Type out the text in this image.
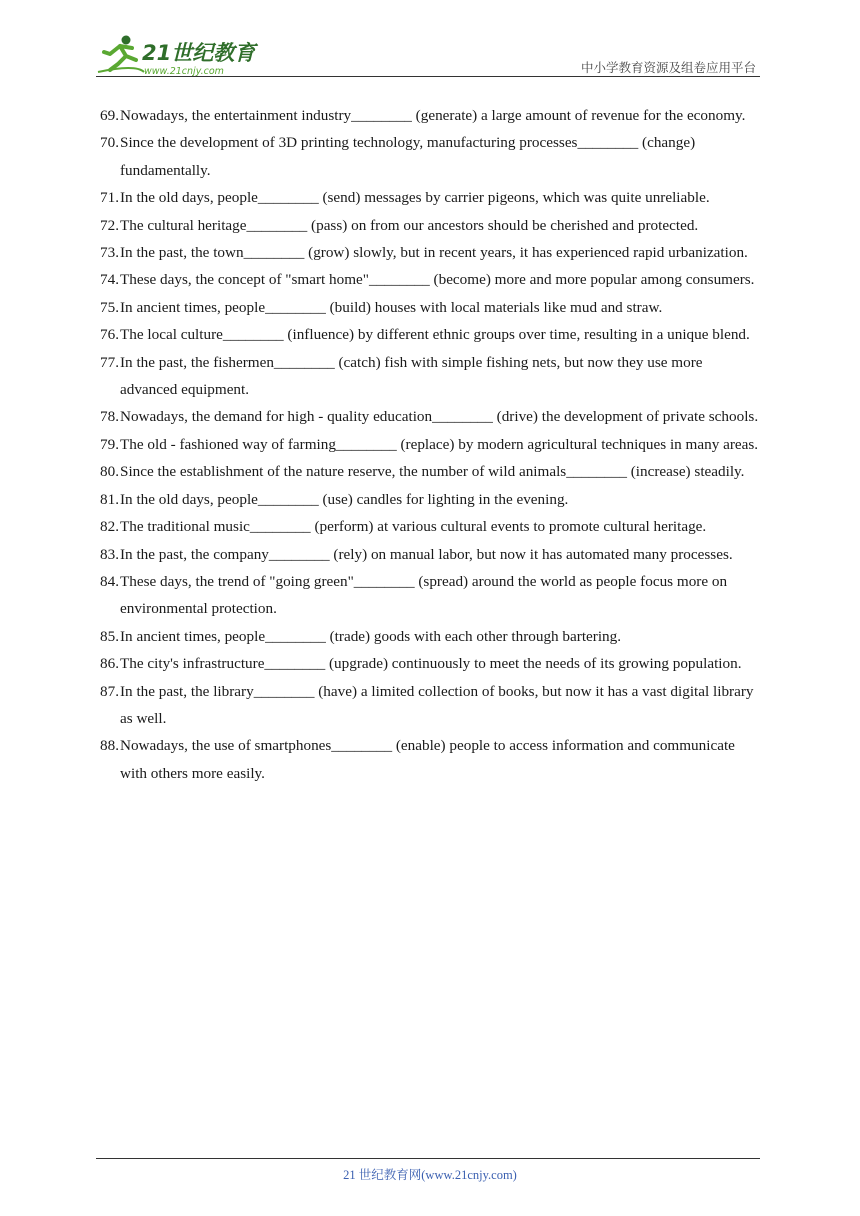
21世纪教育
www.21cnjy.com	中小学教育资源及组卷应用平台
69. Nowadays, the entertainment industry________ (generate) a large amount of revenue for the economy.
70. Since the development of 3D printing technology, manufacturing processes________ (change) fundamentally.
71. In the old days, people________ (send) messages by carrier pigeons, which was quite unreliable.
72. The cultural heritage________ (pass) on from our ancestors should be cherished and protected.
73. In the past, the town________ (grow) slowly, but in recent years, it has experienced rapid urbanization.
74. These days, the concept of "smart home"________ (become) more and more popular among consumers.
75. In ancient times, people________ (build) houses with local materials like mud and straw.
76. The local culture________ (influence) by different ethnic groups over time, resulting in a unique blend.
77. In the past, the fishermen________ (catch) fish with simple fishing nets, but now they use more advanced equipment.
78. Nowadays, the demand for high - quality education________ (drive) the development of private schools.
79. The old - fashioned way of farming________ (replace) by modern agricultural techniques in many areas.
80. Since the establishment of the nature reserve, the number of wild animals________ (increase) steadily.
81. In the old days, people________ (use) candles for lighting in the evening.
82. The traditional music________ (perform) at various cultural events to promote cultural heritage.
83. In the past, the company________ (rely) on manual labor, but now it has automated many processes.
84. These days, the trend of "going green"________ (spread) around the world as people focus more on environmental protection.
85. In ancient times, people________ (trade) goods with each other through bartering.
86. The city's infrastructure________ (upgrade) continuously to meet the needs of its growing population.
87. In the past, the library________ (have) a limited collection of books, but now it has a vast digital library as well.
88. Nowadays, the use of smartphones________ (enable) people to access information and communicate with others more easily.
21 世纪教育网(www.21cnjy.com)
